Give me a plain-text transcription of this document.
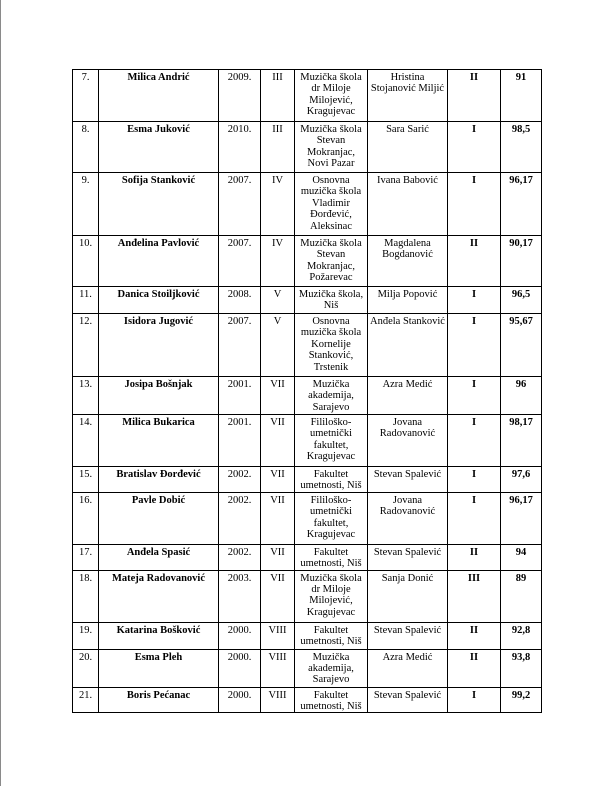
7.	Milica Andrić	2009.	III	Muzička škola dr Miloje Milojević, Kragujevac	Hristina Stojanović Miljić	II	91
8.	Esma Juković	2010.	III	Muzička škola Stevan Mokranjac, Novi Pazar	Sara Sarić	I	98,5
9.	Sofija Stanković	2007.	IV	Osnovna muzička škola Vladimir Đorđević, Aleksinac	Ivana Babović	I	96,17
10.	Anđelina Pavlović	2007.	IV	Muzička škola Stevan Mokranjac, Požarevac	Magdalena Bogdanović	II	90,17
11.	Danica Stoiljković	2008.	V	Muzička škola, Niš	Milja Popović	I	96,5
12.	Isidora Jugović	2007.	V	Osnovna muzička škola Kornelije Stanković, Trstenik	Anđela Stanković	I	95,67
13.	Josipa Bošnjak	2001.	VII	Muzička akademija, Sarajevo	Azra Medić	I	96
14.	Milica Bukarica	2001.	VII	Fililoško-umetnički fakultet, Kragujevac	Jovana Radovanović	I	98,17
15.	Bratislav Đorđević	2002.	VII	Fakultet umetnosti, Niš	Stevan Spalević	I	97,6
16.	Pavle Dobić	2002.	VII	Fililoško-umetnički fakultet, Kragujevac	Jovana Radovanović	I	96,17
17.	Anđela Spasić	2002.	VII	Fakultet umetnosti, Niš	Stevan Spalević	II	94
18.	Mateja Radovanović	2003.	VII	Muzička škola dr Miloje Milojević, Kragujevac	Sanja Donić	III	89
19.	Katarina Bošković	2000.	VIII	Fakultet umetnosti, Niš	Stevan Spalević	II	92,8
20.	Esma Pleh	2000.	VIII	Muzička akademija, Sarajevo	Azra Medić	II	93,8
21.	Boris Pećanac	2000.	VIII	Fakultet umetnosti, Niš	Stevan Spalević	I	99,2
